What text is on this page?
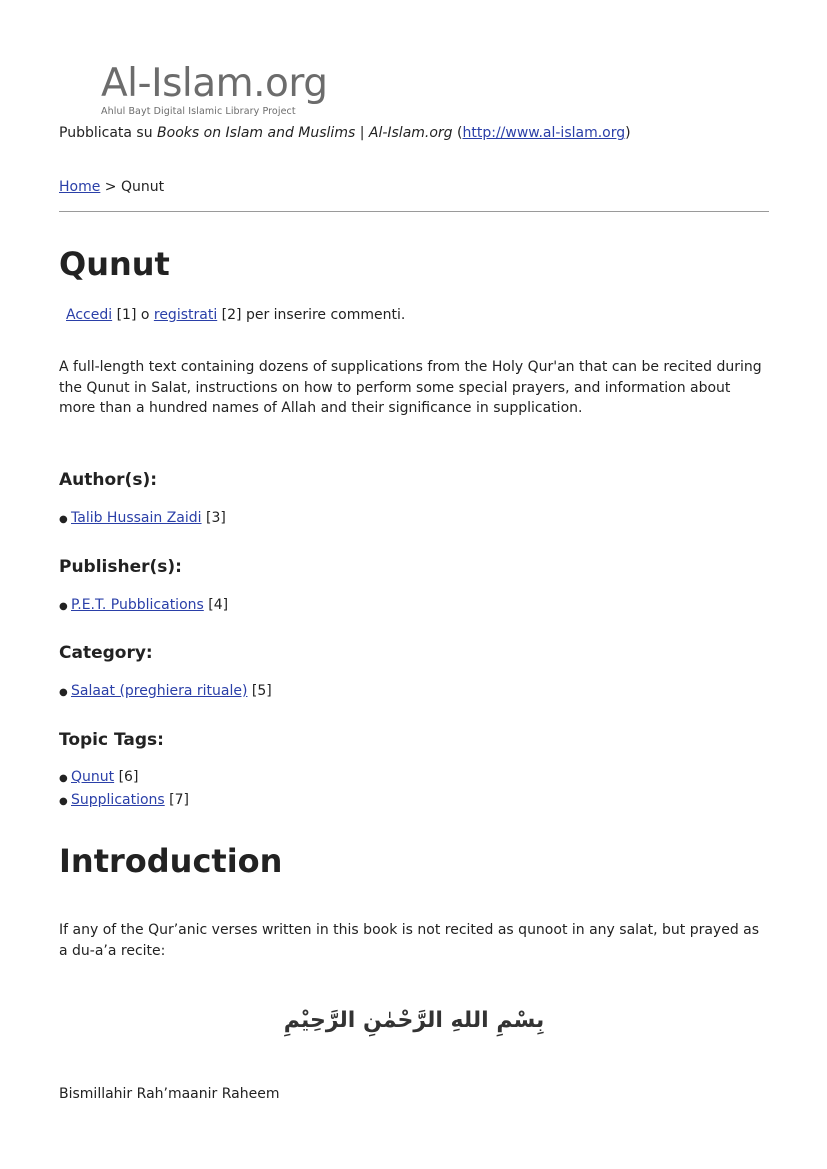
Al-Islam.org
Ahlul Bayt Digital Islamic Library Project
Pubblicata su Books on Islam and Muslims | Al-Islam.org (http://www.al-islam.org)
Home > Qunut
Qunut
Accedi [1] o registrati [2] per inserire commenti.

A full-length text containing dozens of supplications from the Holy Qur'an that can be recited during the Qunut in Salat, instructions on how to perform some special prayers, and information about more than a hundred names of Allah and their significance in supplication.

Author(s):
● Talib Hussain Zaidi [3]
Publisher(s):
● P.E.T. Pubblications [4]
Category:
● Salaat (preghiera rituale) [5]
Topic Tags:
● Qunut [6]
● Supplications [7]
Introduction

If any of the Qur’anic verses written in this book is not recited as qunoot in any salat, but prayed as a du-a’a recite:

بِسْمِ اللهِ الرَّحْمٰنِ الرَّحِيْمِ
Bismillahir Rah’maanir Raheem
